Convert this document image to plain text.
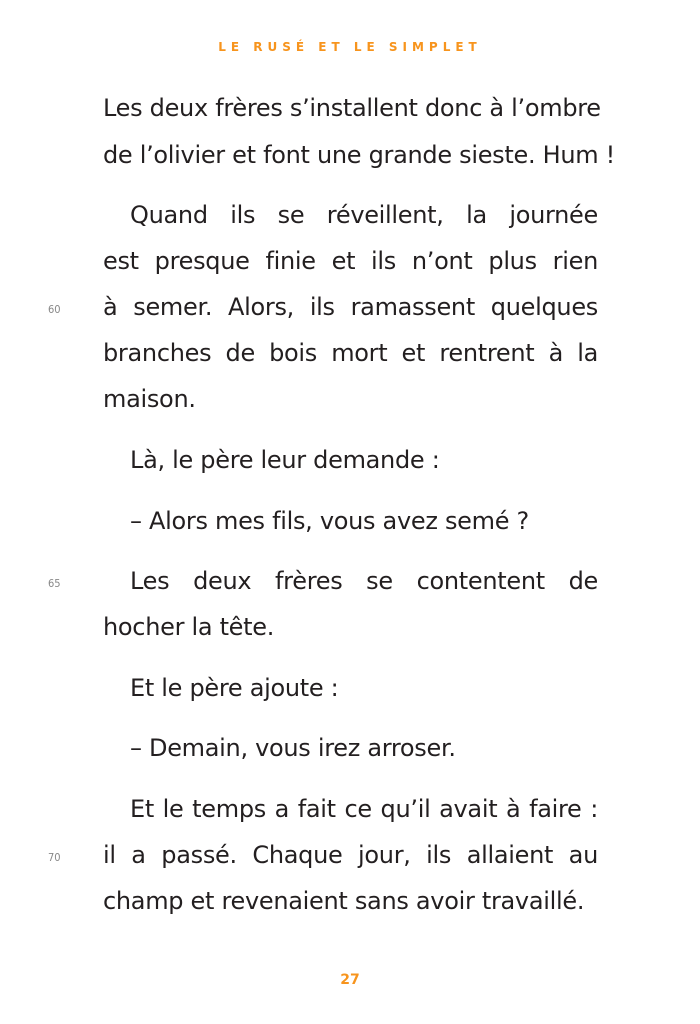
LE RUSÉ ET LE SIMPLET
Les deux frères s’installent donc à l’ombre
de l’olivier et font une grande sieste. Hum !
Quand ils se réveillent, la journée
est presque finie et ils n’ont plus rien
à semer. Alors, ils ramassent quelques
branches de bois mort et rentrent à la
maison.
Là, le père leur demande :
– Alors mes fils, vous avez semé ?
Les deux frères se contentent de
hocher la tête.
Et le père ajoute :
– Demain, vous irez arroser.
Et le temps a fait ce qu’il avait à faire :
il a passé. Chaque jour, ils allaient au
champ et revenaient sans avoir travaillé.
60
65
70
27
